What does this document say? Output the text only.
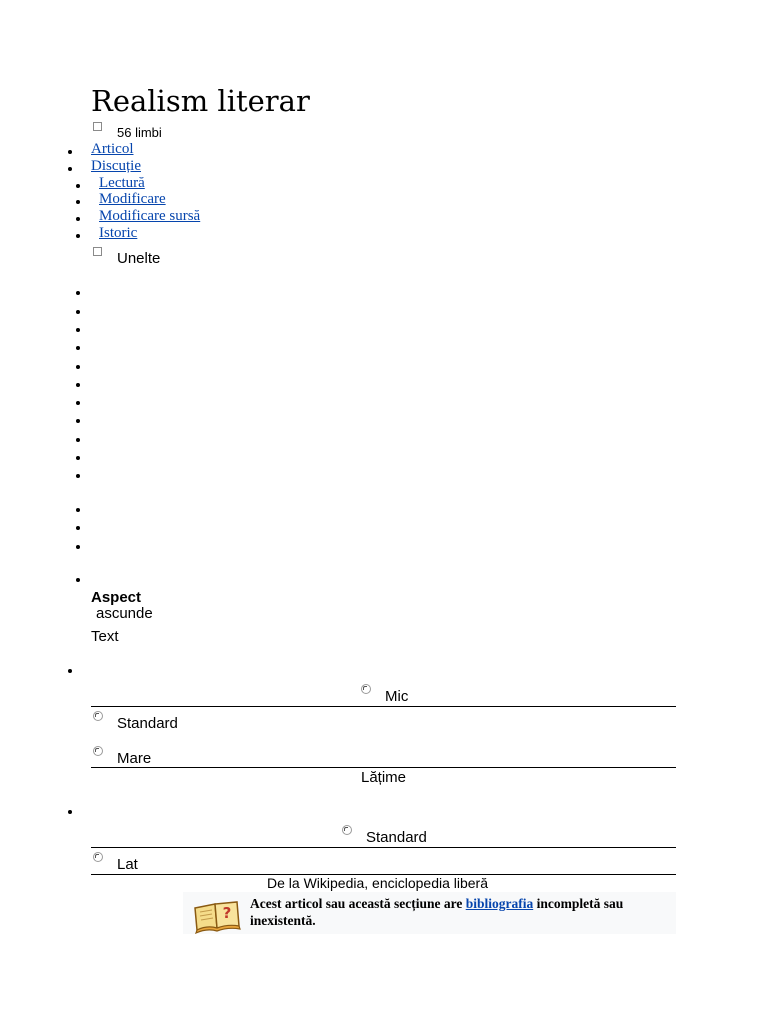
Realism literar
56 limbi
Articol
Discuție
Lectură
Modificare
Modificare sursă
Istoric
Unelte
Aspect
ascunde
Text
Mic
Standard
Mare
Lățime
Standard
Lat
De la Wikipedia, enciclopedia liberă
?
Acest articol sau această secțiune are bibliografia incompletă sau inexistentă.
